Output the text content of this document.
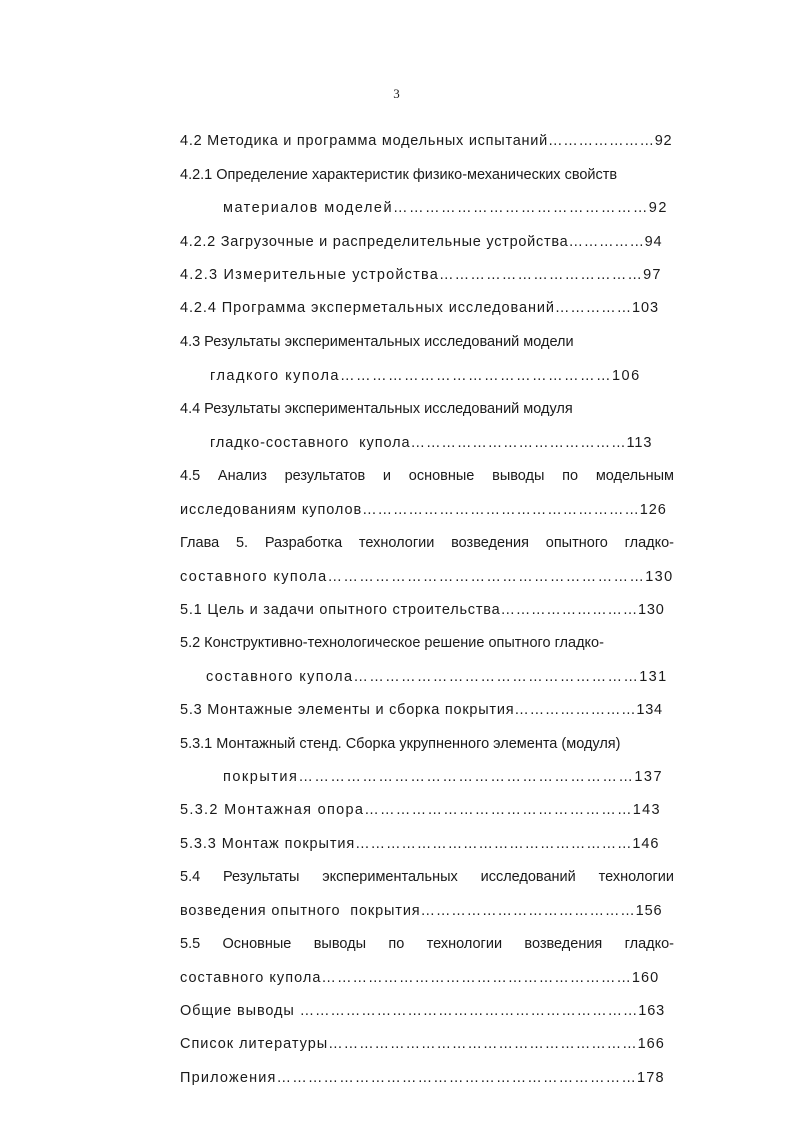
3
4.2 Методика и программа модельных испытаний…………………92
4.2.1 Определение характеристик физико-механических свойств
материалов моделей…………………………………………92
4.2.2 Загрузочные и распределительные устройства……………94
4.2.3 Измерительные устройства…………………………………97
4.2.4 Программа эксперметальных исследований……………103
4.3 Результаты экспериментальных исследований модели
гладкого купола……………………………………………106
4.4 Результаты экспериментальных исследований модуля
гладко-составного  купола……………………………………113
4.5  Анализ  результатов  и  основные  выводы  по  модельным
исследованиям куполов………………………………………………126
Глава  5.  Разработка  технологии  возведения  опытного  гладко-
составного купола……………………………………………………130
5.1 Цель и задачи опытного строительства………………………130
5.2 Конструктивно-технологическое решение опытного гладко-
составного купола………………………………………………131
5.3 Монтажные элементы и сборка покрытия……………………134
5.3.1 Монтажный стенд. Сборка укрупненного элемента (модуля)
покрытия………………………………………………………137
5.3.2 Монтажная опора……………………………………………143
5.3.3 Монтаж покрытия………………………………………………146
5.4  Результаты  экспериментальных  исследований  технологии
возведения опытного  покрытия……………………………………156
5.5  Основные  выводы  по  технологии  возведения  гладко-
составного купола……………………………………………………160
Общие выводы …………………………………………………………163
Список литературы……………………………………………………166
Приложения……………………………………………………………178
